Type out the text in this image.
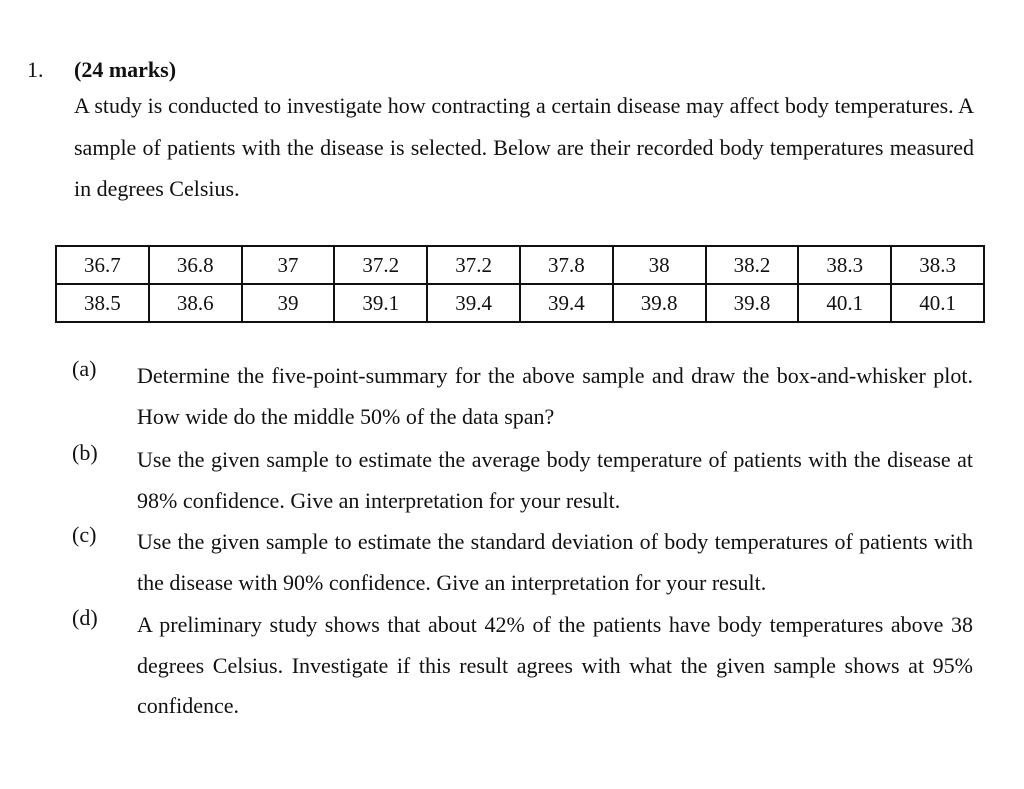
1. (24 marks)
A study is conducted to investigate how contracting a certain disease may affect body temperatures. A sample of patients with the disease is selected. Below are their recorded body temperatures measured in degrees Celsius.
36.7	36.8	37	37.2	37.2	37.8	38	38.2	38.3	38.3
38.5	38.6	39	39.1	39.4	39.4	39.8	39.8	40.1	40.1
(a) Determine the five-point-summary for the above sample and draw the box-and-whisker plot. How wide do the middle 50% of the data span?
(b) Use the given sample to estimate the average body temperature of patients with the disease at 98% confidence. Give an interpretation for your result.
(c) Use the given sample to estimate the standard deviation of body temperatures of patients with the disease with 90% confidence. Give an interpretation for your result.
(d) A preliminary study shows that about 42% of the patients have body temperatures above 38 degrees Celsius. Investigate if this result agrees with what the given sample shows at 95% confidence.
